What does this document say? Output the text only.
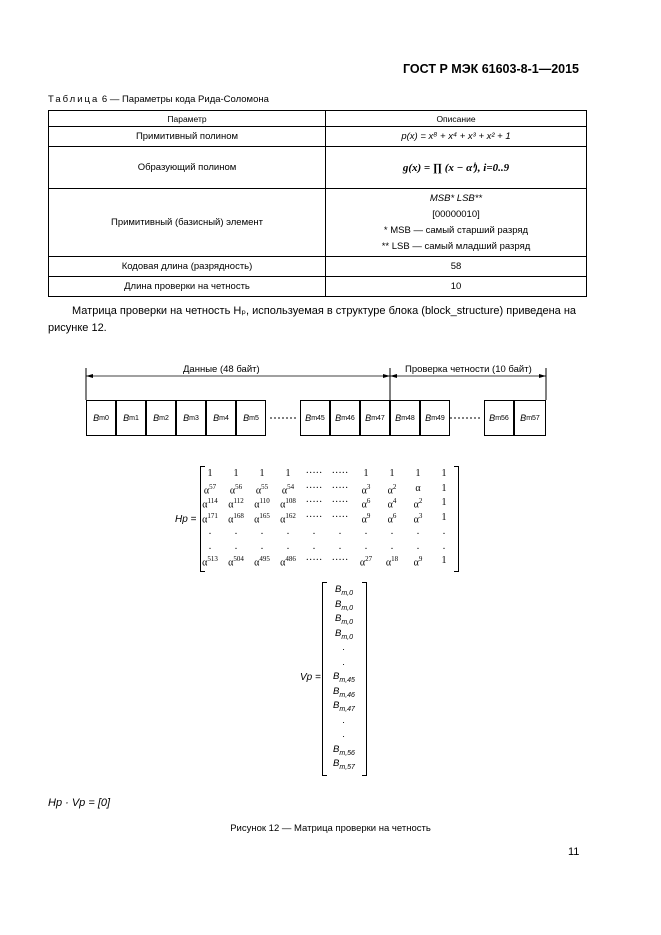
ГОСТ Р МЭК 61603-8-1—2015
Таблица 6 — Параметры кода Рида-Соломона
Параметр	Описание
Примитивный полином	p(x) = x⁸ + x⁴ + x³ + x² + 1
Образующий полином	g(x) = ∏ (x − αⁱ), i=0..9
Примитивный (базисный) элемент	MSB* LSB**
[00000010]
* MSB — самый старший разряд
** LSB — самый младший разряд

Кодовая длина (разрядность)	58
Длина проверки на четность	10
Матрица проверки на четность Hₚ, используемая в структуре блока (block_structure) приведена на рисунке 12.
Данные (48 байт)	Проверка четности (10 байт)
B m0	B m1	B m2	B m3	B m4	B m5	B m45	B m46	B m47	B m48	B m49	B m56	B m57
Hp =
1	1	1	1	····· ·····	1	1	1	1
$\alpha^{57}$	$\alpha^{56}$	$\alpha^{55}$	$\alpha^{54}$	····· ·····	$\alpha^3$	$\alpha^2$	α	1
$\alpha^{114}$	$\alpha^{112}$	$\alpha^{110}$	$\alpha^{108}$ ····· ·····	$\alpha^6$	$\alpha^4$	$\alpha^2$	1
$\alpha^{171}$	$\alpha^{168}$	$\alpha^{165}$	$\alpha^{162}$ ····· ·····	$\alpha^9$	$\alpha^6$	$\alpha^3$	1
.	.	.	.	.	.	.	.	.	.
.	.	.	.	.	.	.	.	.	.
$\alpha^{513}$	$\alpha^{504}$	$\alpha^{495}$	$\alpha^{486}$ ····· ·····	$\alpha^{27}$	$\alpha^{18}$	$\alpha^9$	1
Vp =
$B_{m,0}$
$B_{m,0}$
$B_{m,0}$
$B_{m,0}$
.
.
$B_{m,45}$
$B_{m,46}$
$B_{m,47}$
.
.
$B_{m,56}$
$B_{m,57}$
Hp · Vp = [0]
Рисунок 12 — Матрица проверки на четность
11
